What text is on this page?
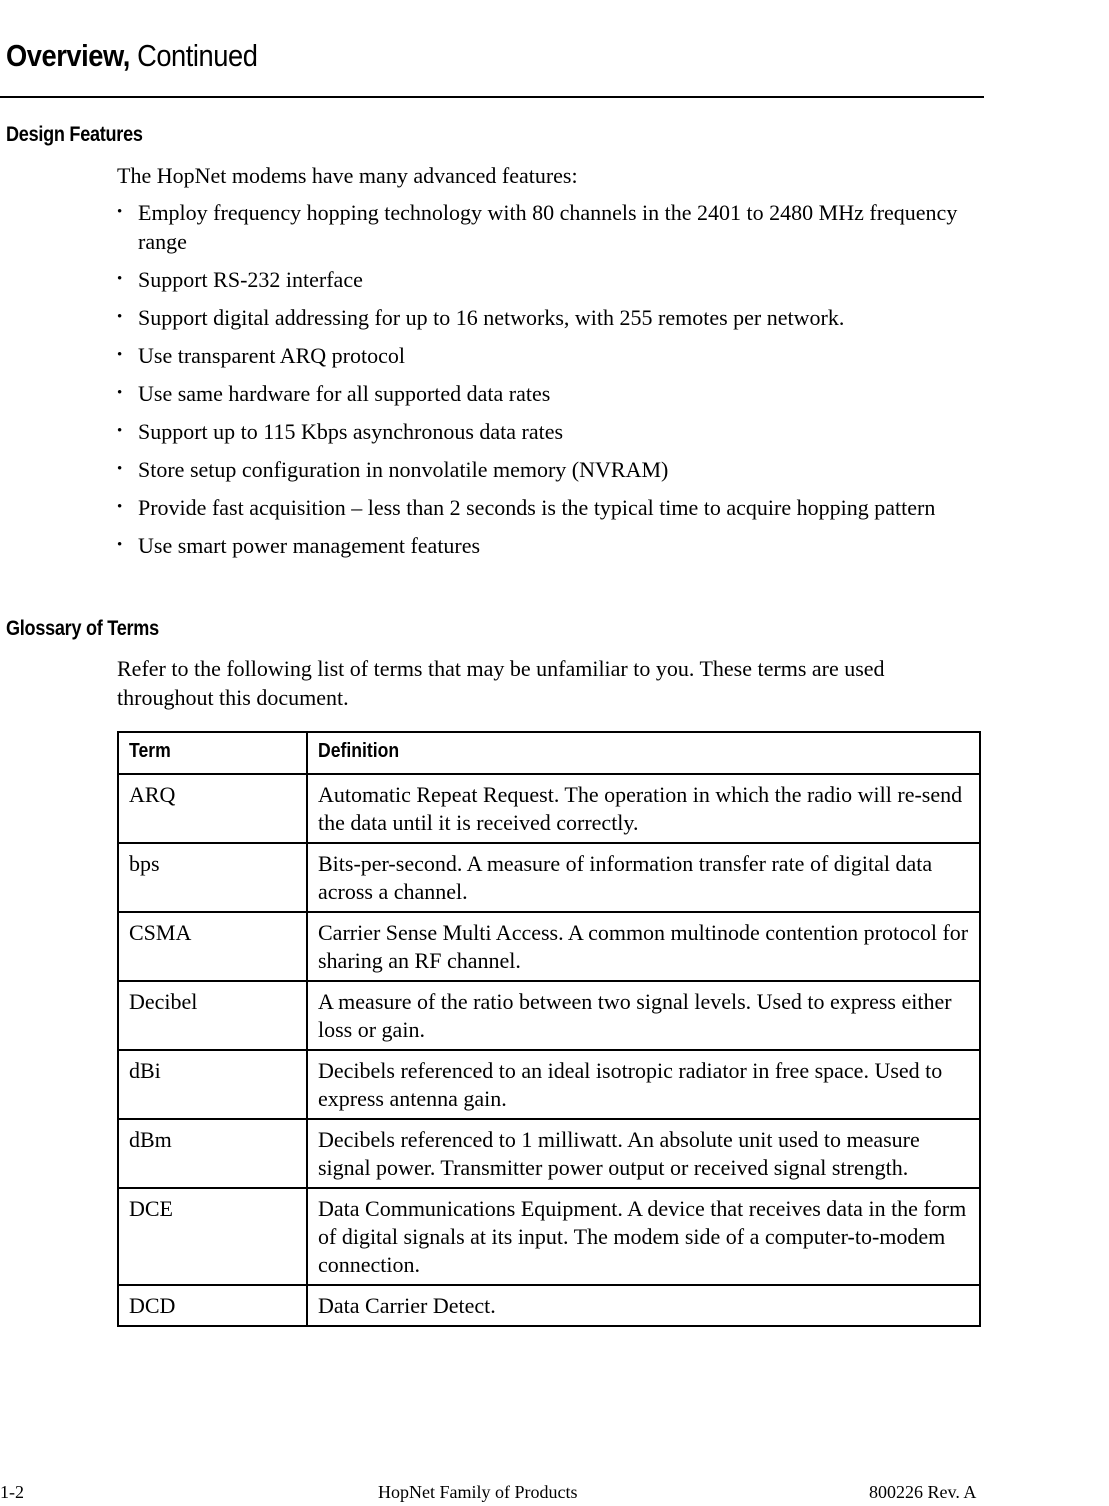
Overview, Continued
Design Features

The HopNet modems have many advanced features:

• Employ frequency hopping technology with 80 channels in the 2401 to 2480 MHz frequency range
• Support RS-232 interface
• Support digital addressing for up to 16 networks, with 255 remotes per network.
• Use transparent ARQ protocol
• Use same hardware for all supported data rates
• Support up to 115 Kbps asynchronous data rates
• Store setup configuration in nonvolatile memory (NVRAM)
• Provide fast acquisition – less than 2 seconds is the typical time to acquire hopping pattern
• Use smart power management features
Glossary of Terms

Refer to the following list of terms that may be unfamiliar to you. These terms are used throughout this document.

Term	Definition
ARQ	Automatic Repeat Request. The operation in which the radio will re-send the data until it is received correctly.
bps	Bits-per-second. A measure of information transfer rate of digital data across a channel.
CSMA	Carrier Sense Multi Access. A common multinode contention protocol for sharing an RF channel.
Decibel	A measure of the ratio between two signal levels. Used to express either loss or gain.
dBi	Decibels referenced to an ideal isotropic radiator in free space. Used to express antenna gain.
dBm	Decibels referenced to 1 milliwatt. An absolute unit used to measure signal power. Transmitter power output or received signal strength.
DCE	Data Communications Equipment. A device that receives data in the form of digital signals at its input. The modem side of a computer-to-modem connection.
DCD	Data Carrier Detect.

1-2	HopNet Family of Products	800226 Rev. A
